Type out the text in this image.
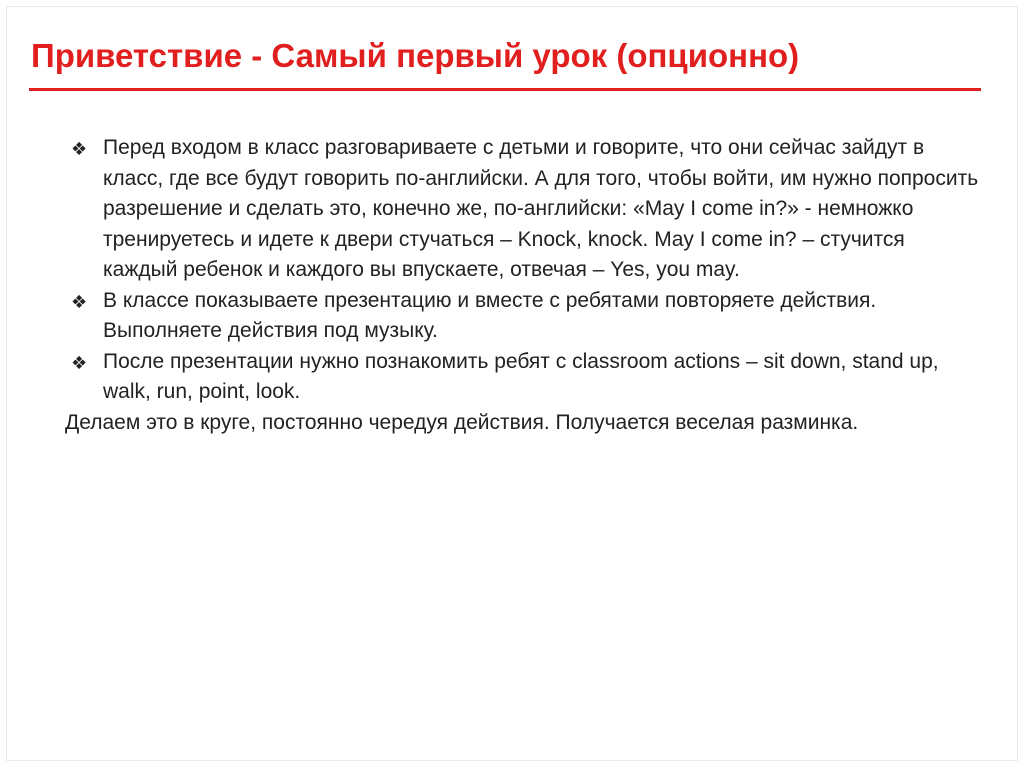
Приветствие - Самый первый урок (опционно)
❖ Перед входом в класс разговариваете с детьми и говорите, что они сейчас зайдут в класс, где все будут говорить по-английски. А для того, чтобы войти, им нужно попросить разрешение и сделать это, конечно же, по-английски: «May I come in?» - немножко тренируетесь и идете к двери стучаться – Knock, knock. May I come in? – стучится каждый ребенок и каждого вы впускаете, отвечая – Yes, you may.
❖ В классе показываете презентацию и вместе с ребятами повторяете действия. Выполняете действия под музыку.
❖ После презентации нужно познакомить ребят с classroom actions – sit down, stand up, walk, run, point, look.
Делаем это в круге, постоянно чередуя действия. Получается веселая разминка.
